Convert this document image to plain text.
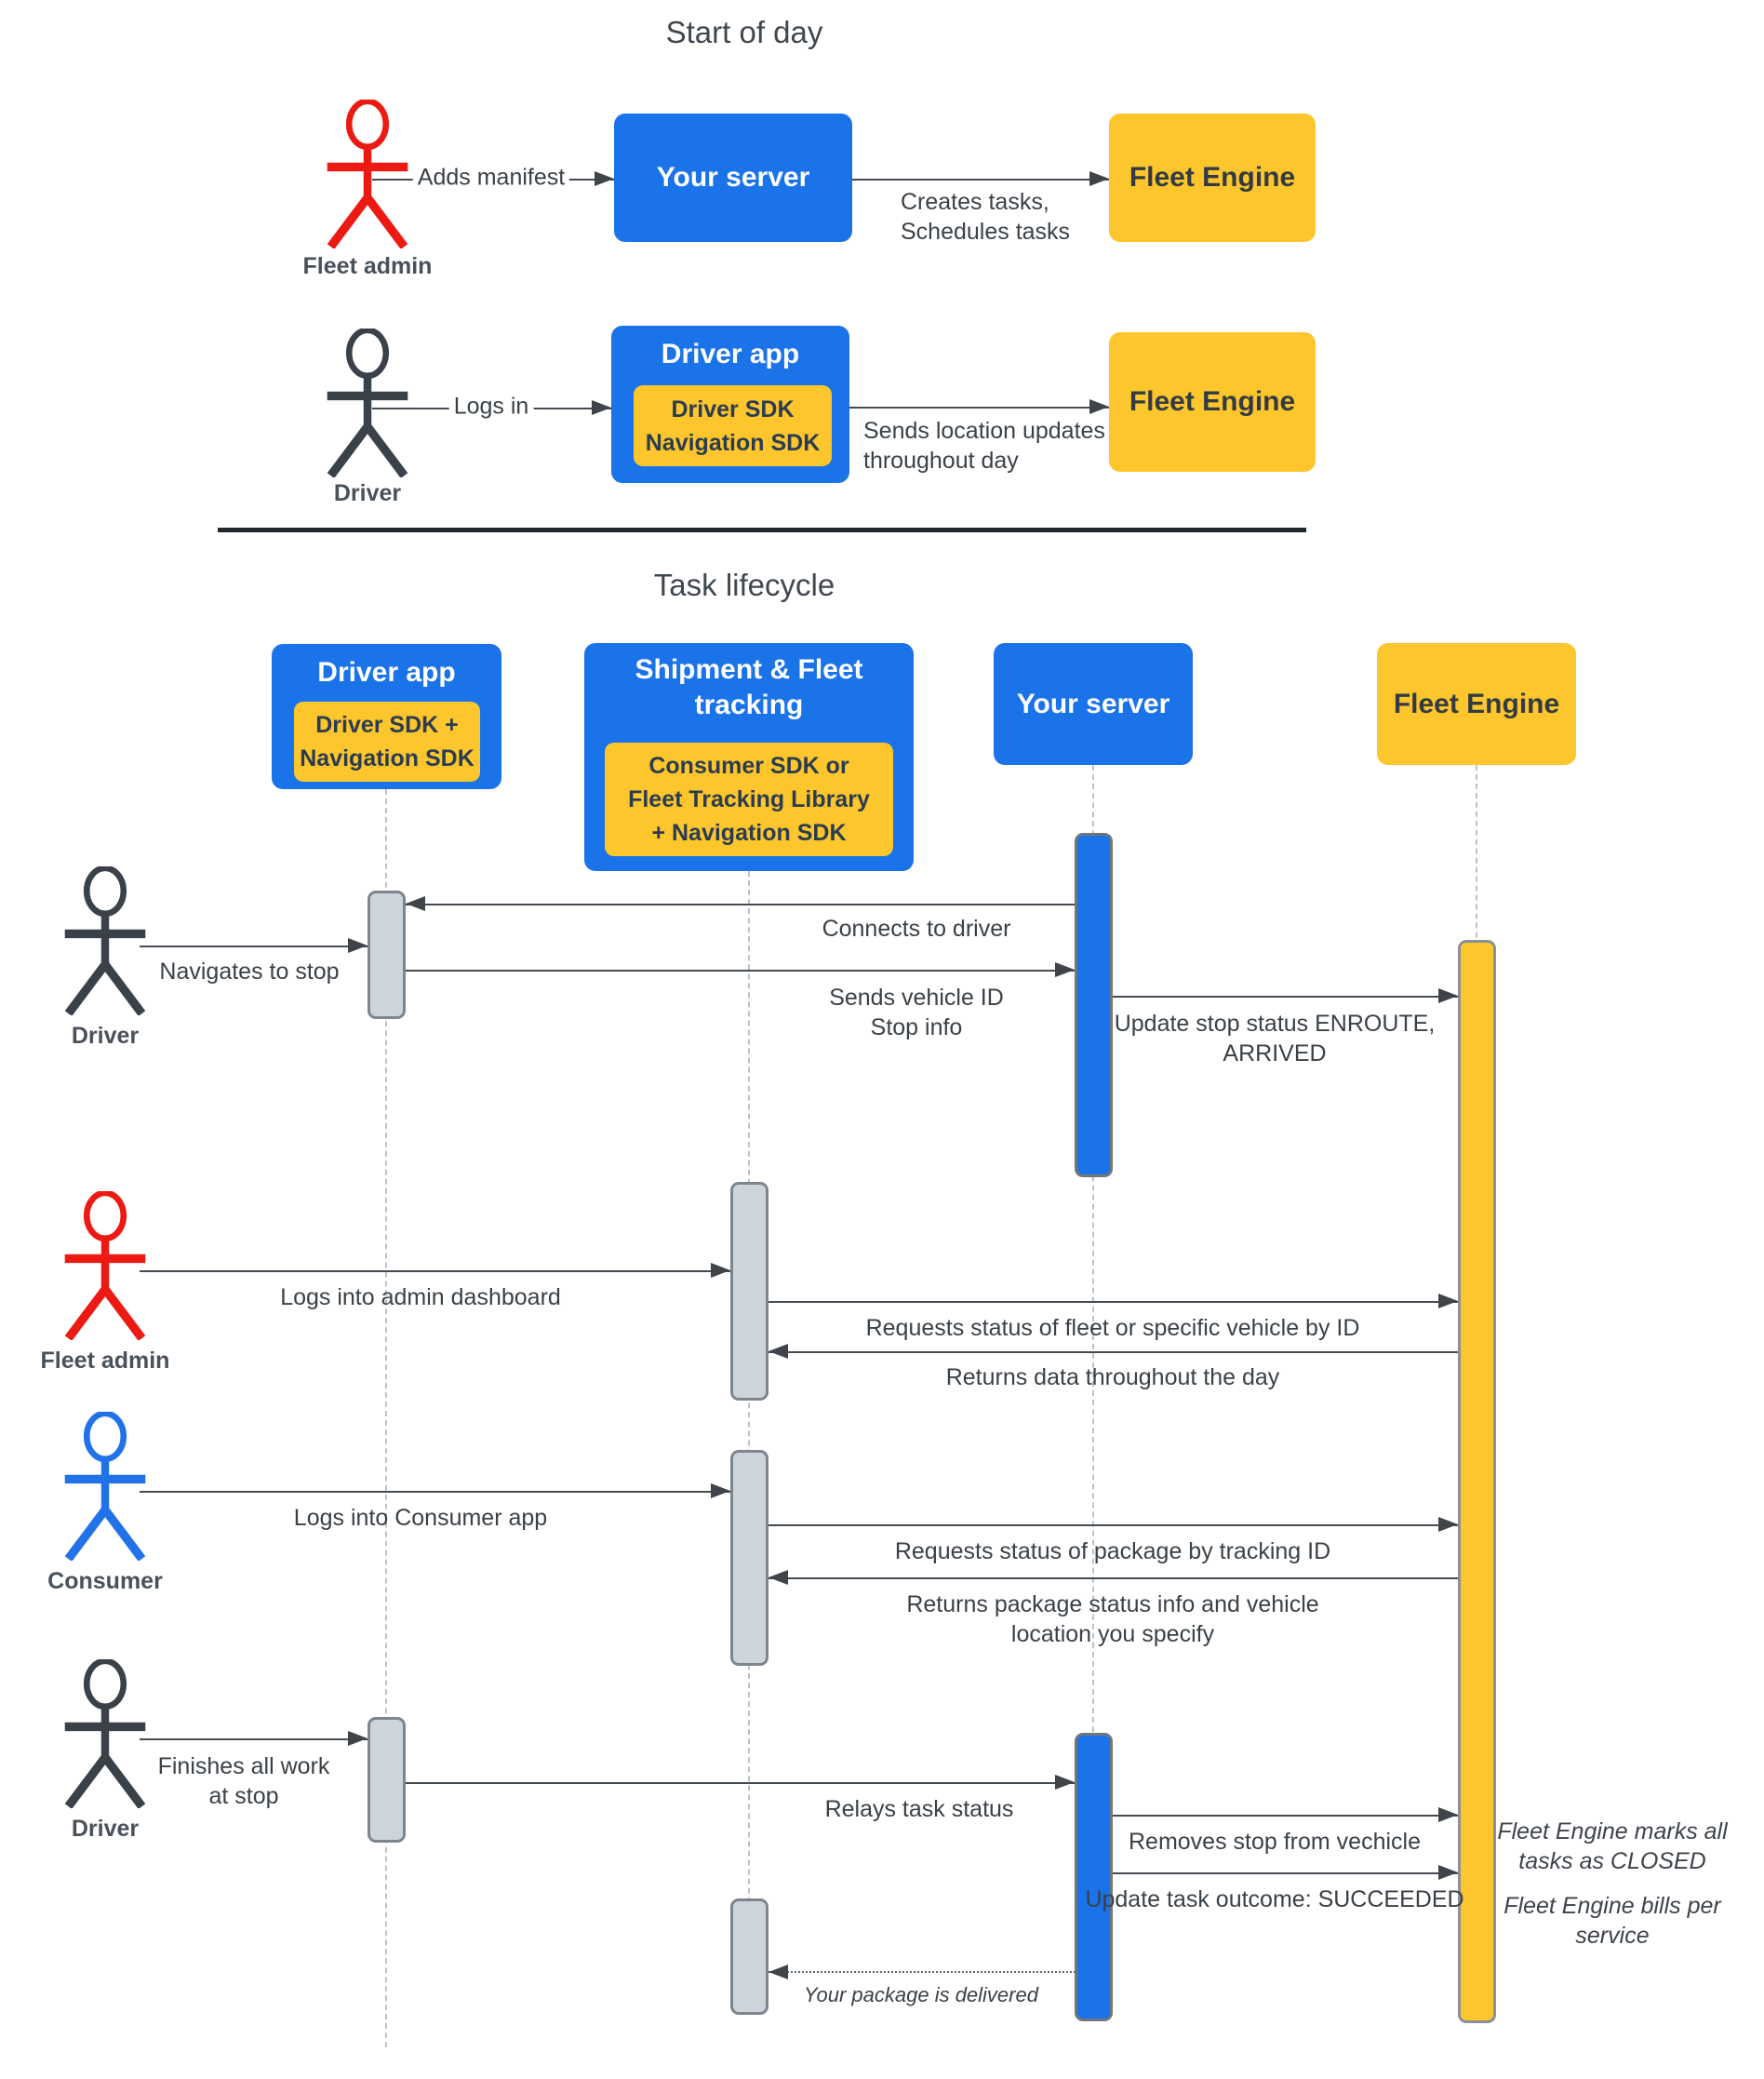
Start of day
Fleet admin
Adds manifest	Your server
Creates tasks,
Schedules tasks
Fleet Engine
Driver
Logs in
Driver app
Driver SDK
Navigation SDK	Sends location updates
throughout day
Fleet Engine
Task lifecycle
Driver app
Driver SDK +
Navigation SDK
Shipment & Fleet
tracking
Consumer SDK or
Fleet Tracking Library
+ Navigation SDK
Your server	Fleet Engine
Driver
Fleet admin
Consumer
Driver
Connects to driver
Navigates to stop
Sends vehicle ID
Stop info	Update stop status ENROUTE,
ARRIVED
Logs into admin dashboard
Requests status of fleet or specific vehicle by ID
Returns data throughout the day
Logs into Consumer app
Requests status of package by tracking ID
Returns package status info and vehicle
location you specify
Finishes all work
at stop	Relays task status
Removes stop from vechicle
Update task outcome: SUCCEEDED
Your package is delivered
Fleet Engine marks all
tasks as CLOSED
Fleet Engine bills per
service
